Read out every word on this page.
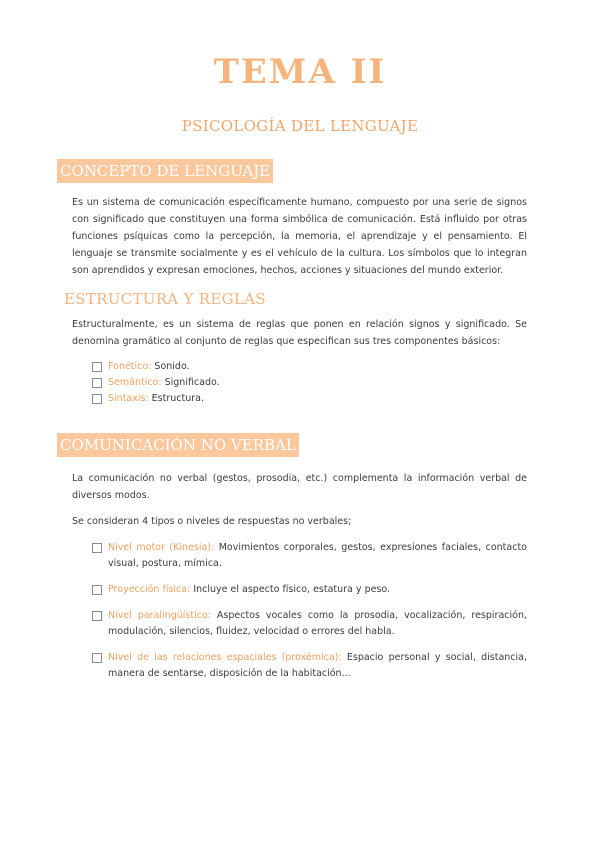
TEMA II
PSICOLOGÍA DEL LENGUAJE
CONCEPTO DE LENGUAJE
Es un sistema de comunicación específicamente humano, compuesto por una serie de signos con significado que constituyen una forma simbólica de comunicación. Está influido por otras funciones psíquicas como la percepción, la memoria, el aprendizaje y el pensamiento. El lenguaje se transmite socialmente y es el vehículo de la cultura. Los símbolos que lo integran son aprendidos y expresan emociones, hechos, acciones y situaciones del mundo exterior.
ESTRUCTURA Y REGLAS
Estructuralmente, es un sistema de reglas que ponen en relación signos y significado. Se denomina gramático al conjunto de reglas que especifican sus tres componentes básicos:
Fonético: Sonido.
Semántico: Significado.
Sintaxis: Estructura.
COMUNICACIÓN NO VERBAL
La comunicación no verbal (gestos, prosodia, etc.) complementa la información verbal de diversos modos.
Se consideran 4 tipos o niveles de respuestas no verbales;
Nivel motor (Kinesia): Movimientos corporales, gestos, expresiones faciales, contacto visual, postura, mímica.
Proyección física: Incluye el aspecto físico, estatura y peso.
Nivel paralingüístico: Aspectos vocales como la prosodia, vocalización, respiración, modulación, silencios, fluidez, velocidad o errores del habla.
Nivel de las relaciones espaciales (proxémica): Espacio personal y social, distancia, manera de sentarse, disposición de la habitación...
